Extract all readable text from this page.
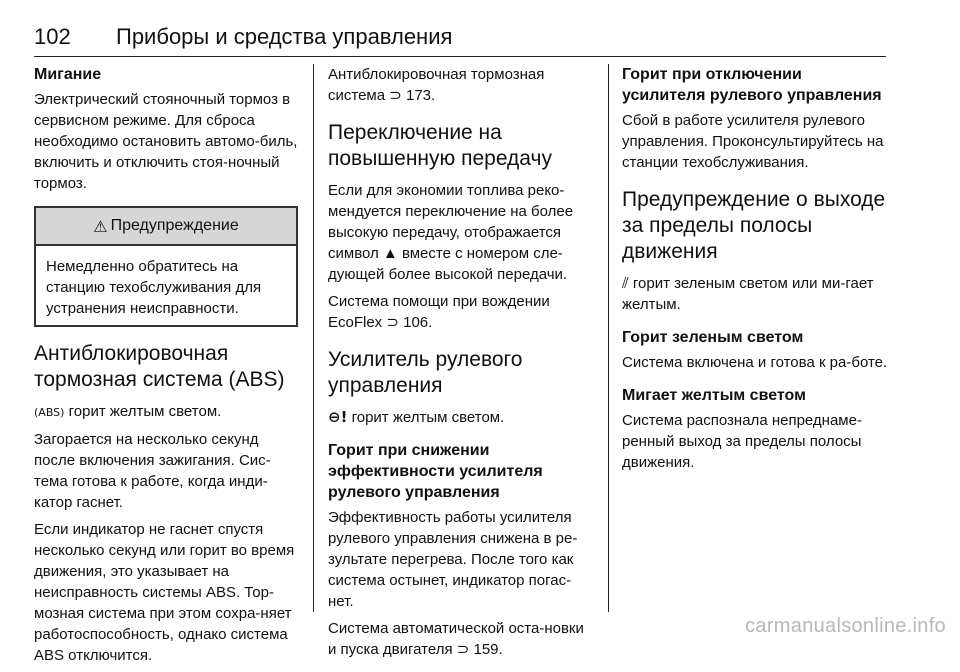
102 Приборы и средства управления
Мигание

Электрический стояночный тормоз в сервисном режиме. Для сброса необходимо остановить автомо-биль, включить и отключить стоя-ночный тормоз.

⚠ Предупреждение

Немедленно обратитесь на станцию техобслуживания для устранения неисправности.

Антиблокировочная тормозная система (ABS)

(ABS) горит желтым светом.

Загорается на несколько секунд после включения зажигания. Сис-тема готова к работе, когда инди-катор гаснет.

Если индикатор не гаснет спустя несколько секунд или горит во время движения, это указывает на неисправность системы ABS. Тор-мозная система при этом сохра-няет работоспособность, однако система ABS отключится.

Антиблокировочная тормозная система ⊃ 173.

Переключение на повышенную передачу

Если для экономии топлива реко-мендуется переключение на более высокую передачу, отображается символ ▲ вместе с номером сле-дующей более высокой передачи.

Система помощи при вождении EcoFlex ⊃ 106.

Усилитель рулевого управления

⊖! горит желтым светом.

Горит при снижении эффективности усилителя рулевого управления

Эффективность работы усилителя рулевого управления снижена в ре-зультате перегрева. После того как система остынет, индикатор погас-нет.

Система автоматической оста-новки и пуска двигателя ⊃ 159.

Горит при отключении усилителя рулевого управления

Сбой в работе усилителя рулевого управления. Проконсультируйтесь на станции техобслуживания.

Предупреждение о выходе за пределы полосы движения

⫽ горит зеленым светом или ми-гает желтым.

Горит зеленым светом

Система включена и готова к ра-боте.

Мигает желтым светом

Система распознала непреднаме-ренный выход за пределы полосы движения.

carmanualsonline.info
